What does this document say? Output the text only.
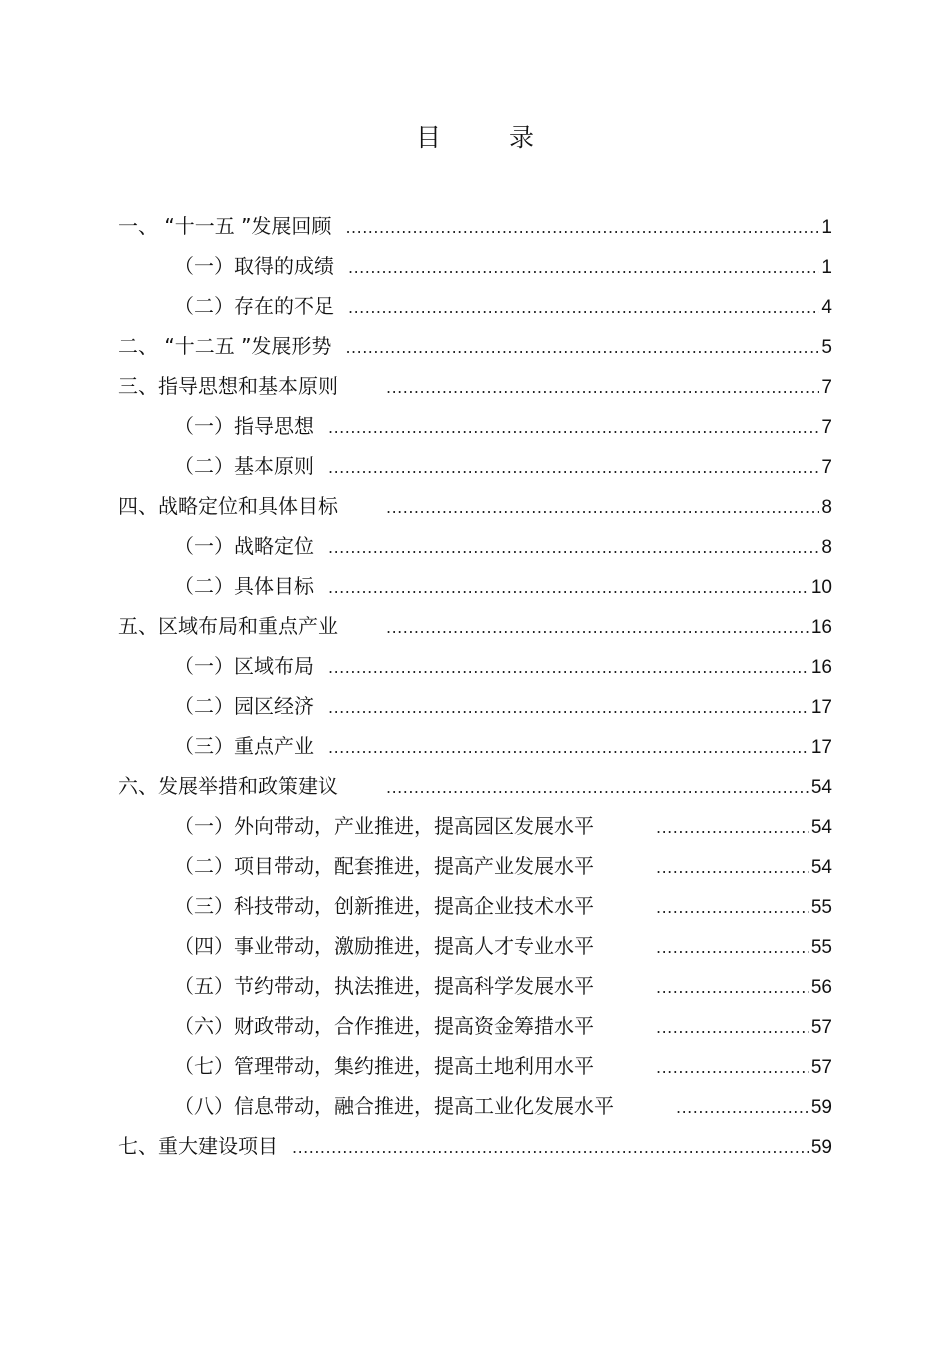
目 录
一、 “十一五 ”发展回顾 .....	1
（一）取得的成绩 .....	1
（二）存在的不足 .....	4
二、 “十二五 ”发展形势 .....	5
三、指导思想和基本原则 .....	7
（一）指导思想 .....	7
（二）基本原则 .....	7
四、战略定位和具体目标 .....	8
（一）战略定位 .....	8
（二）具体目标 .....	10
五、区域布局和重点产业 .....	16
（一）区域布局 .....	16
（二）园区经济 .....	17
（三）重点产业 .....	17
六、发展举措和政策建议 .....	54
（一）外向带动，产业推进，提高园区发展水平 .....	54
（二）项目带动，配套推进，提高产业发展水平 .....	54
（三）科技带动，创新推进，提高企业技术水平 .....	55
（四）事业带动，激励推进，提高人才专业水平 .....	55
（五）节约带动，执法推进，提高科学发展水平 .....	56
（六）财政带动，合作推进，提高资金筹措水平 .....	57
（七）管理带动，集约推进，提高土地利用水平 .....	57
（八）信息带动，融合推进，提高工业化发展水平 .....	59
七、重大建设项目 .....	59
